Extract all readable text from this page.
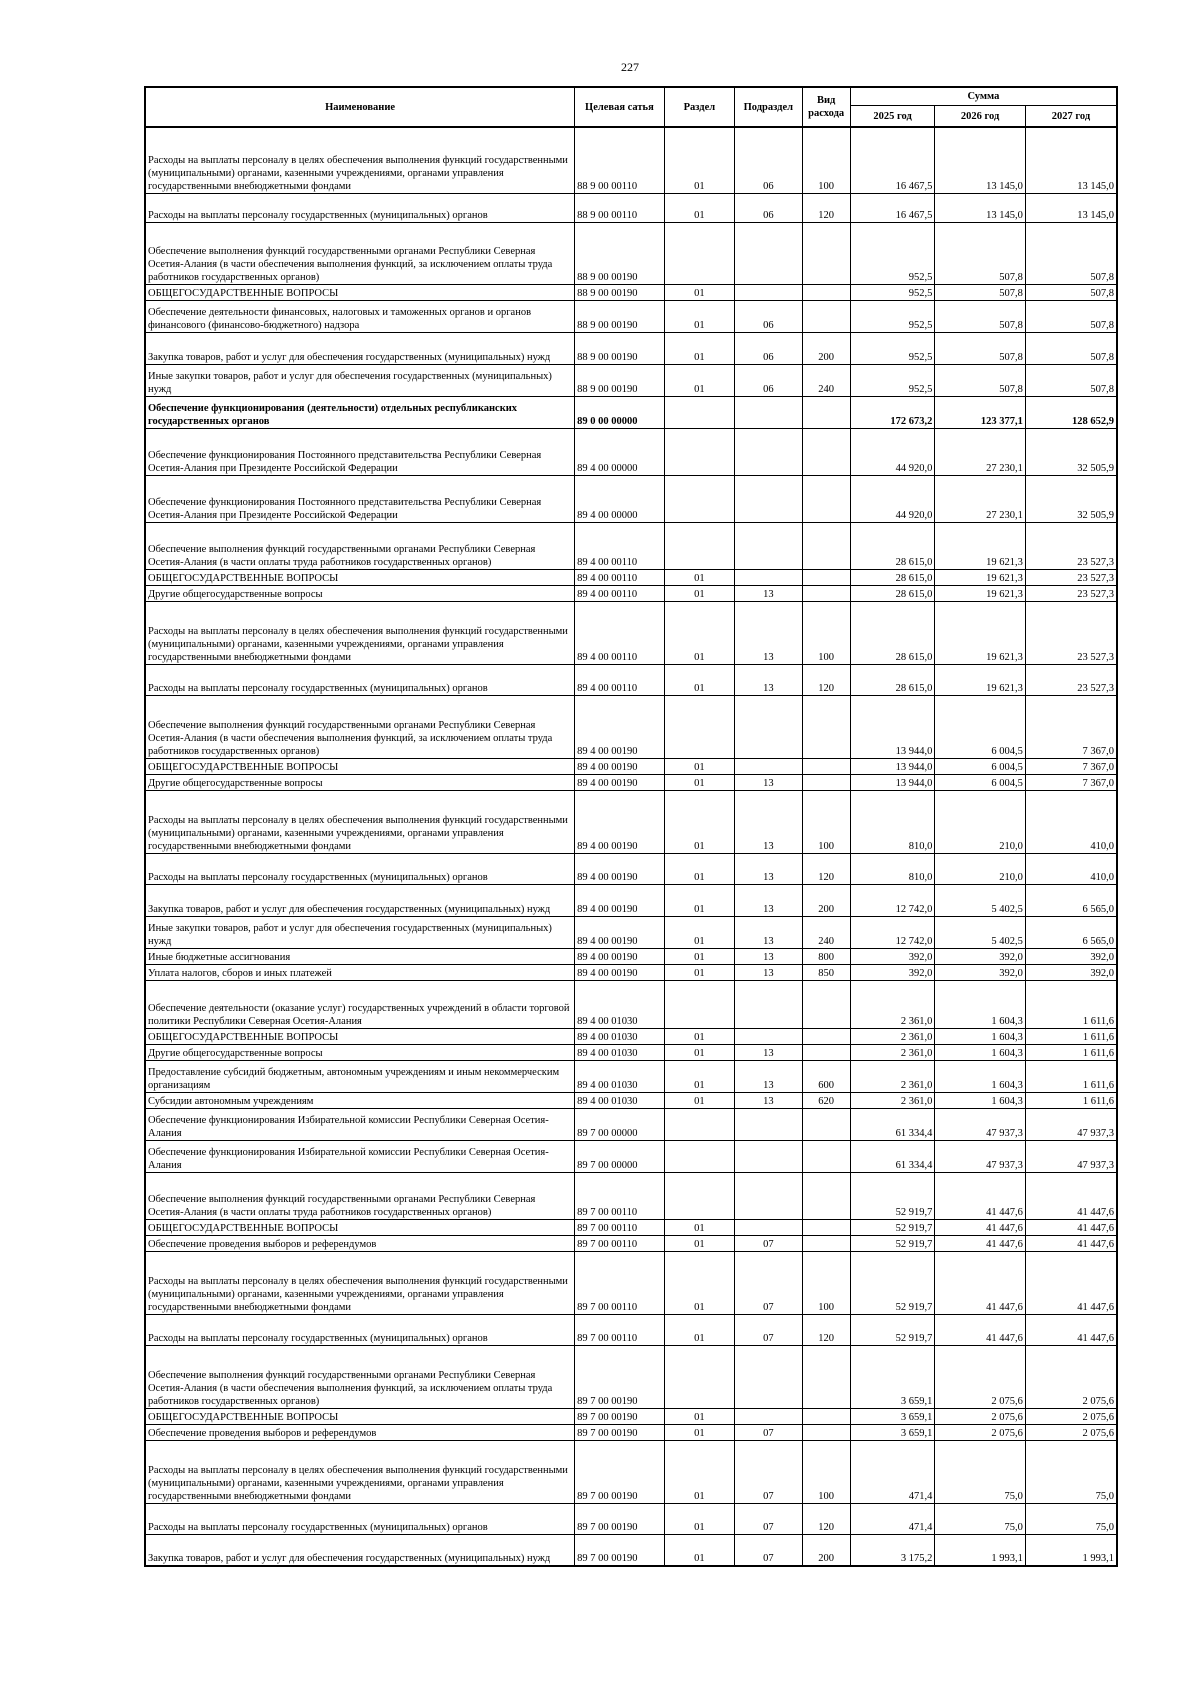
227
Наименование	Целевая сатья	Раздел	Подраздел	Вид расхода	Сумма		
					2025 год	2026 год	2027 год
Расходы на выплаты персоналу в целях обеспечения выполнения функций государственными (муниципальными) органами, казенными учреждениями, органами управления государственными внебюджетными фондами	88 9 00 00110	01	06	100	16 467,5	13 145,0	13 145,0
Расходы на выплаты персоналу государственных (муниципальных) органов	88 9 00 00110	01	06	120	16 467,5	13 145,0	13 145,0
Обеспечение выполнения функций государственными органами Республики Северная Осетия-Алания (в части обеспечения выполнения функций, за исключением оплаты труда работников государственных органов)	88 9 00 00190				952,5	507,8	507,8
ОБЩЕГОСУДАРСТВЕННЫЕ ВОПРОСЫ	88 9 00 00190	01			952,5	507,8	507,8
Обеспечение деятельности финансовых, налоговых и таможенных органов и органов финансового (финансово-бюджетного) надзора	88 9 00 00190	01	06		952,5	507,8	507,8
Закупка товаров, работ и услуг для обеспечения государственных (муниципальных) нужд	88 9 00 00190	01	06	200	952,5	507,8	507,8
Иные закупки товаров, работ и услуг для обеспечения государственных (муниципальных) нужд	88 9 00 00190	01	06	240	952,5	507,8	507,8
Обеспечение функционирования (деятельности) отдельных республиканских государственных органов	89 0 00 00000				172 673,2	123 377,1	128 652,9
Обеспечение функционирования Постоянного представительства Республики Северная Осетия-Алания при Президенте Российской Федерации	89 4 00 00000				44 920,0	27 230,1	32 505,9
Обеспечение функционирования Постоянного представительства Республики Северная Осетия-Алания при Президенте Российской Федерации	89 4 00 00000				44 920,0	27 230,1	32 505,9
Обеспечение выполнения функций государственными органами Республики Северная Осетия-Алания (в части оплаты труда работников государственных органов)	89 4 00 00110				28 615,0	19 621,3	23 527,3
ОБЩЕГОСУДАРСТВЕННЫЕ ВОПРОСЫ	89 4 00 00110	01			28 615,0	19 621,3	23 527,3
Другие общегосударственные вопросы	89 4 00 00110	01	13		28 615,0	19 621,3	23 527,3
Расходы на выплаты персоналу в целях обеспечения выполнения функций государственными (муниципальными) органами, казенными учреждениями, органами управления государственными внебюджетными фондами	89 4 00 00110	01	13	100	28 615,0	19 621,3	23 527,3
Расходы на выплаты персоналу государственных (муниципальных) органов	89 4 00 00110	01	13	120	28 615,0	19 621,3	23 527,3
Обеспечение выполнения функций государственными органами Республики Северная Осетия-Алания (в части обеспечения выполнения функций, за исключением оплаты труда работников государственных органов)	89 4 00 00190				13 944,0	6 004,5	7 367,0
ОБЩЕГОСУДАРСТВЕННЫЕ ВОПРОСЫ	89 4 00 00190	01			13 944,0	6 004,5	7 367,0
Другие общегосударственные вопросы	89 4 00 00190	01	13		13 944,0	6 004,5	7 367,0
Расходы на выплаты персоналу в целях обеспечения выполнения функций государственными (муниципальными) органами, казенными учреждениями, органами управления государственными внебюджетными фондами	89 4 00 00190	01	13	100	810,0	210,0	410,0
Расходы на выплаты персоналу государственных (муниципальных) органов	89 4 00 00190	01	13	120	810,0	210,0	410,0
Закупка товаров, работ и услуг для обеспечения государственных (муниципальных) нужд	89 4 00 00190	01	13	200	12 742,0	5 402,5	6 565,0
Иные закупки товаров, работ и услуг для обеспечения государственных (муниципальных) нужд	89 4 00 00190	01	13	240	12 742,0	5 402,5	6 565,0
Иные бюджетные ассигнования	89 4 00 00190	01	13	800	392,0	392,0	392,0
Уплата налогов, сборов и иных платежей	89 4 00 00190	01	13	850	392,0	392,0	392,0
Обеспечение деятельности (оказание услуг) государственных учреждений в области торговой политики Республики Северная Осетия-Алания	89 4 00 01030				2 361,0	1 604,3	1 611,6
ОБЩЕГОСУДАРСТВЕННЫЕ ВОПРОСЫ	89 4 00 01030	01			2 361,0	1 604,3	1 611,6
Другие общегосударственные вопросы	89 4 00 01030	01	13		2 361,0	1 604,3	1 611,6
Предоставление субсидий бюджетным, автономным учреждениям и иным некоммерческим организациям	89 4 00 01030	01	13	600	2 361,0	1 604,3	1 611,6
Субсидии автономным учреждениям	89 4 00 01030	01	13	620	2 361,0	1 604,3	1 611,6
Обеспечение функционирования Избирательной комиссии Республики Северная Осетия-Алания	89 7 00 00000				61 334,4	47 937,3	47 937,3
Обеспечение функционирования Избирательной комиссии Республики Северная Осетия-Алания	89 7 00 00000				61 334,4	47 937,3	47 937,3
Обеспечение выполнения функций государственными органами Республики Северная Осетия-Алания (в части оплаты труда работников государственных органов)	89 7 00 00110				52 919,7	41 447,6	41 447,6
ОБЩЕГОСУДАРСТВЕННЫЕ ВОПРОСЫ	89 7 00 00110	01			52 919,7	41 447,6	41 447,6
Обеспечение проведения выборов и референдумов	89 7 00 00110	01	07		52 919,7	41 447,6	41 447,6
Расходы на выплаты персоналу в целях обеспечения выполнения функций государственными (муниципальными) органами, казенными учреждениями, органами управления государственными внебюджетными фондами	89 7 00 00110	01	07	100	52 919,7	41 447,6	41 447,6
Расходы на выплаты персоналу государственных (муниципальных) органов	89 7 00 00110	01	07	120	52 919,7	41 447,6	41 447,6
Обеспечение выполнения функций государственными органами Республики Северная Осетия-Алания (в части обеспечения выполнения функций, за исключением оплаты труда работников государственных органов)	89 7 00 00190				3 659,1	2 075,6	2 075,6
ОБЩЕГОСУДАРСТВЕННЫЕ ВОПРОСЫ	89 7 00 00190	01			3 659,1	2 075,6	2 075,6
Обеспечение проведения выборов и референдумов	89 7 00 00190	01	07		3 659,1	2 075,6	2 075,6
Расходы на выплаты персоналу в целях обеспечения выполнения функций государственными (муниципальными) органами, казенными учреждениями, органами управления государственными внебюджетными фондами	89 7 00 00190	01	07	100	471,4	75,0	75,0
Расходы на выплаты персоналу государственных (муниципальных) органов	89 7 00 00190	01	07	120	471,4	75,0	75,0
Закупка товаров, работ и услуг для обеспечения государственных (муниципальных) нужд	89 7 00 00190	01	07	200	3 175,2	1 993,1	1 993,1
